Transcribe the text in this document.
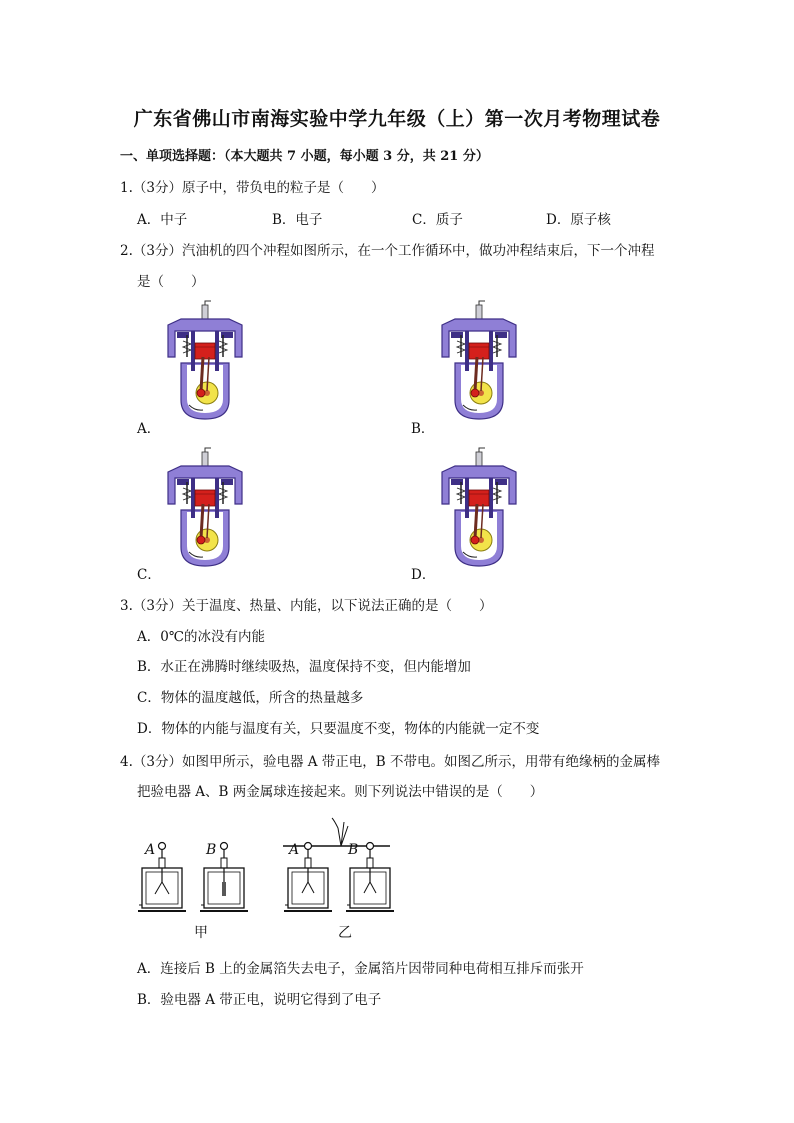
广东省佛山市南海实验中学九年级（上）第一次月考物理试卷
一、单项选择题：（本大题共 7 小题，每小题 3 分，共 21 分）
1.（3分）原子中，带负电的粒子是（　　）
A．中子	B．电子	C．质子	D．原子核
2.（3分）汽油机的四个冲程如图所示，在一个工作循环中，做功冲程结束后，下一个冲程
是（　　）
A．	B．
C．	D．
3.（3分）关于温度、热量、内能，以下说法正确的是（　　）
A．0℃的冰没有内能
B．水正在沸腾时继续吸热，温度保持不变，但内能增加
C．物体的温度越低，所含的热量越多
D．物体的内能与温度有关，只要温度不变，物体的内能就一定不变
4.（3分）如图甲所示，验电器 A 带正电，B 不带电。如图乙所示，用带有绝缘柄的金属棒
把验电器 A、B 两金属球连接起来。则下列说法中错误的是（　　）
A	B	A	B
甲	乙
A．连接后 B 上的金属箔失去电子，金属箔片因带同种电荷相互排斥而张开
B．验电器 A 带正电，说明它得到了电子
